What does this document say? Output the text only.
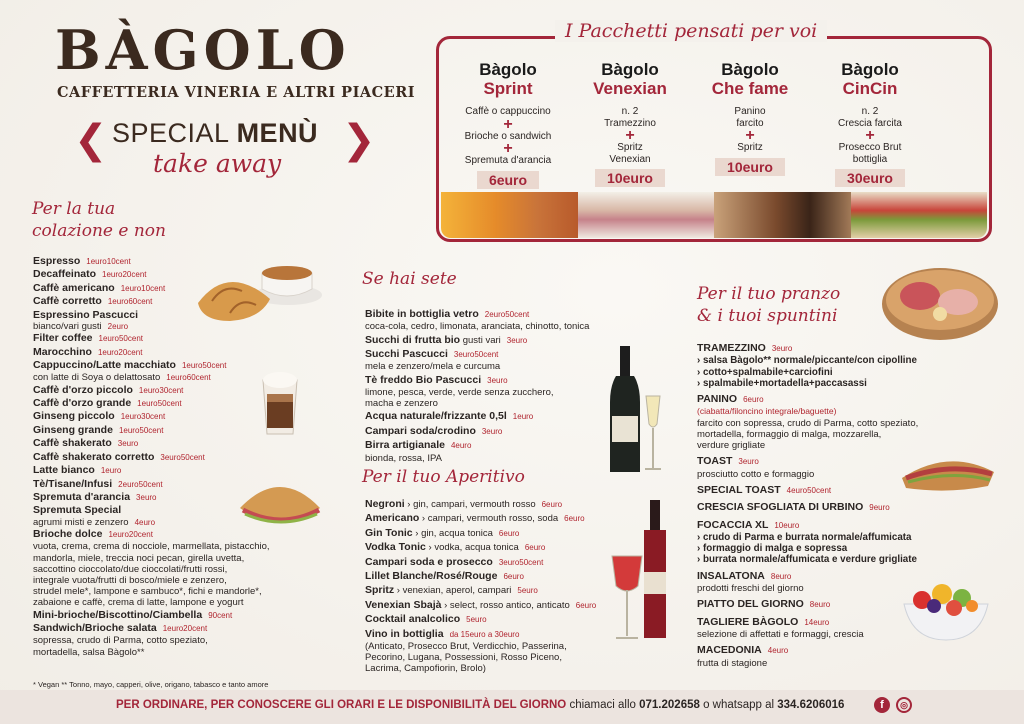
BÀGOLO
CAFFETTERIA VINERIA E ALTRI PIACERI
❮	❯
SPECIAL MENÙ
take away
I Pacchetti pensati per voi
Bàgolo
Sprint
Caffè o cappuccino
+
Brioche o sandwich
+
Spremuta d'arancia
6euro
Bàgolo
Venexian
n. 2
Tramezzino
+
Spritz
Venexian
10euro
Bàgolo
Che fame
Panino
farcito
+
Spritz
10euro
Bàgolo
CinCin
n. 2
Crescia farcita
+
Prosecco Brut
bottiglia
30euro
Per la tua
colazione e non
Se hai sete
Per il tuo Aperitivo
Per il tuo pranzo
& i tuoi spuntini
Espresso 1euro10cent
Decaffeinato 1euro20cent
Caffè americano 1euro10cent
Caffè corretto 1euro60cent
Espressino Pascucci
bianco/vari gusti 2euro
Filter coffee 1euro50cent
Marocchino 1euro20cent
Cappuccino/Latte macchiato 1euro50cent
con latte di Soya o delattosato 1euro60cent
Caffè d'orzo piccolo 1euro30cent
Caffè d'orzo grande 1euro50cent
Ginseng piccolo 1euro30cent
Ginseng grande 1euro50cent
Caffè shakerato 3euro
Caffè shakerato corretto 3euro50cent
Latte bianco 1euro
Tè/Tisane/Infusi 2euro50cent
Spremuta d'arancia 3euro
Spremuta Special
agrumi misti e zenzero 4euro
Brioche dolce 1euro20cent
vuota, crema, crema di nocciole, marmellata, pistacchio,
mandorla, miele, treccia noci pecan, girella uvetta,
saccottino cioccolato/due cioccolati/frutti rossi,
integrale vuota/frutti di bosco/miele e zenzero,
strudel mele*, lampone e sambuco*, fichi e mandorle*,
zabaione e caffè, crema di latte, lampone e yogurt
Mini-brioche/Biscottino/Ciambella 90cent
Sandwich/Brioche salata 1euro20cent
sopressa, crudo di Parma, cotto speziato,
mortadella, salsa Bàgolo**
Bibite in bottiglia vetro 2euro50cent
coca-cola, cedro, limonata, aranciata, chinotto, tonica
Succhi di frutta bio gusti vari 3euro
Succhi Pascucci 3euro50cent
mela e zenzero/mela e curcuma
Tè freddo Bio Pascucci 3euro
limone, pesca, verde, verde senza zucchero,
macha e zenzero
Acqua naturale/frizzante 0,5l 1euro
Campari soda/crodino 3euro
Birra artigianale 4euro
bionda, rossa, IPA
Negroni › gin, campari, vermouth rosso 6euro
Americano › campari, vermouth rosso, soda 6euro
Gin Tonic › gin, acqua tonica 6euro
Vodka Tonic › vodka, acqua tonica 6euro
Campari soda e prosecco 3euro50cent
Lillet Blanche/Rosé/Rouge 6euro
Spritz › venexian, aperol, campari 5euro
Venexian Sbajà › select, rosso antico, anticato 6euro
Cocktail analcolico 5euro
Vino in bottiglia da 15euro a 30euro
(Anticato, Prosecco Brut, Verdicchio, Passerina,
Pecorino, Lugana, Possessioni, Rosso Piceno,
Lacrima, Campofiorin, Brolo)
TRAMEZZINO 3euro
› salsa Bàgolo** normale/piccante/con cipolline
› cotto+spalmabile+carciofini
› spalmabile+mortadella+paccasassi
PANINO 6euro
(ciabatta/filoncino integrale/baguette)
farcito con sopressa, crudo di Parma, cotto speziato,
mortadella, formaggio di malga, mozzarella,
verdure grigliate
TOAST 3euro
prosciutto cotto e formaggio
SPECIAL TOAST 4euro50cent
CRESCIA SFOGLIATA DI URBINO 9euro
FOCACCIA XL 10euro
› crudo di Parma e burrata normale/affumicata
› formaggio di malga e sopressa
› burrata normale/affumicata e verdure grigliate
INSALATONA 8euro
prodotti freschi del giorno
PIATTO DEL GIORNO 8euro
TAGLIERE BÀGOLO 14euro
selezione di affettati e formaggi, crescia
MACEDONIA 4euro
frutta di stagione
* Vegan ** Tonno, mayo, capperi, olive, origano, tabasco e tanto amore
PER ORDINARE, PER CONOSCERE GLI ORARI E LE DISPONIBILITÀ DEL GIORNO chiamaci allo 071.202658 o whatsapp al 334.6206016	f	◎
